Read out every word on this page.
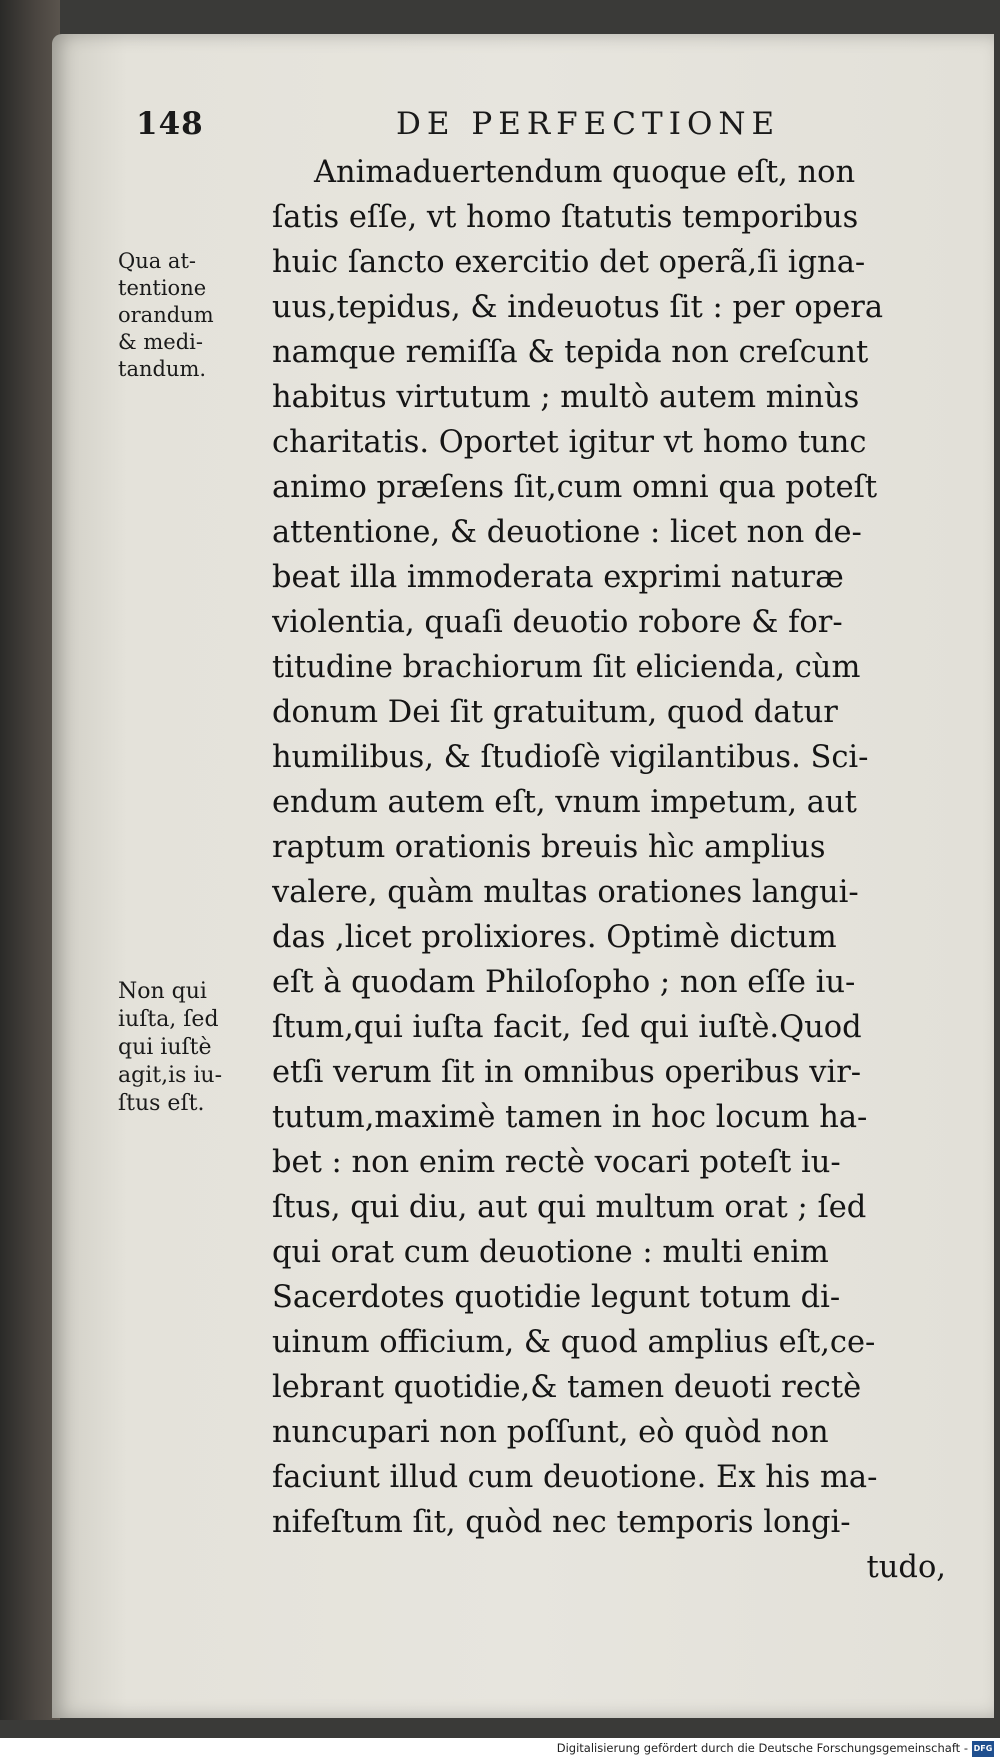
148	DE PERFECTIONE
Qua at-
tentione
orandum
& medi-
tandum.
Non qui
iuſta, ſed
qui iuſtè
agit,is iu-
ſtus eſt.
Animaduertendum quoque eſt, non
ſatis eſſe, vt homo ſtatutis temporibus
huic ſancto exercitio det operã,ſi igna-
uus,tepidus, & indeuotus ſit : per opera
namque remiſſa & tepida non creſcunt
habitus virtutum ; multò autem minùs
charitatis. Oportet igitur vt homo tunc
animo præſens ſit,cum omni qua poteſt
attentione, & deuotione : licet non de-
beat illa immoderata exprimi naturæ
violentia, quaſi deuotio robore & for-
titudine brachiorum ſit elicienda, cùm
donum Dei ſit gratuitum, quod datur
humilibus, & ſtudioſè vigilantibus. Sci-
endum autem eſt, vnum impetum, aut
raptum orationis breuis hìc amplius
valere, quàm multas orationes langui-
das ,licet prolixiores. Optimè dictum
eſt à quodam Philoſopho ; non eſſe iu-
ſtum,qui iuſta facit, ſed qui iuſtè.Quod
etſi verum ſit in omnibus operibus vir-
tutum,maximè tamen in hoc locum ha-
bet : non enim rectè vocari poteſt iu-
ſtus, qui diu, aut qui multum orat ; ſed
qui orat cum deuotione : multi enim
Sacerdotes quotidie legunt totum di-
uinum officium, & quod amplius eſt,ce-
lebrant quotidie,& tamen deuoti rectè
nuncupari non poſſunt, eò quòd non
faciunt illud cum deuotione. Ex his ma-
nifeſtum ſit, quòd nec temporis longi-
tudo,
Digitalisierung gefördert durch die Deutsche Forschungsgemeinschaft - DFG
